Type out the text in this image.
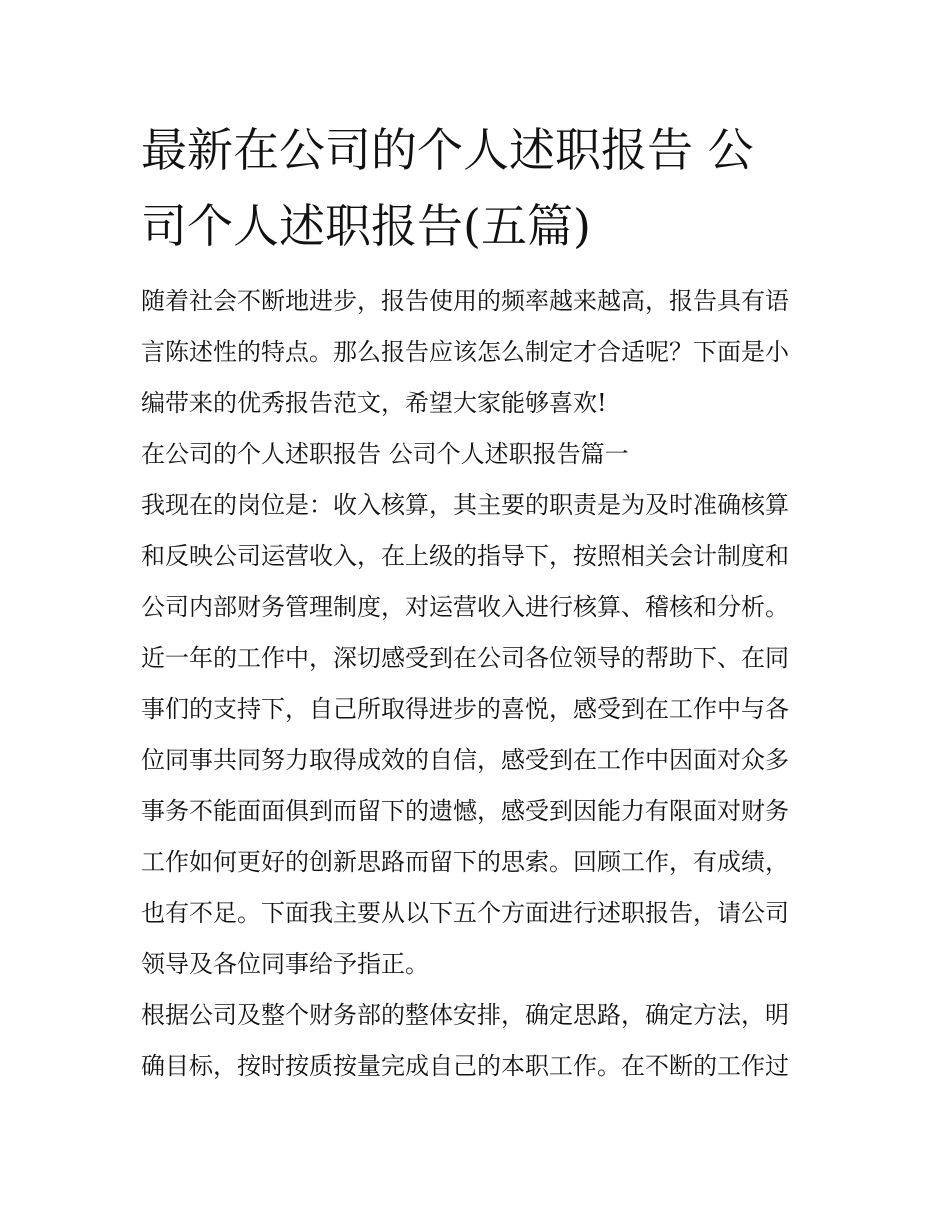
最新在公司的个人述职报告 公
司个人述职报告(五篇)

随着社会不断地进步，报告使用的频率越来越高，报告具有语
言陈述性的特点。那么报告应该怎么制定才合适呢？下面是小
编带来的优秀报告范文，希望大家能够喜欢!

在公司的个人述职报告 公司个人述职报告篇一

我现在的岗位是：收入核算，其主要的职责是为及时准确核算
和反映公司运营收入，在上级的指导下，按照相关会计制度和
公司内部财务管理制度，对运营收入进行核算、稽核和分析。

近一年的工作中，深切感受到在公司各位领导的帮助下、在同
事们的支持下，自己所取得进步的喜悦，感受到在工作中与各
位同事共同努力取得成效的自信，感受到在工作中因面对众多
事务不能面面俱到而留下的遗憾，感受到因能力有限面对财务
工作如何更好的创新思路而留下的思索。回顾工作，有成绩，
也有不足。下面我主要从以下五个方面进行述职报告，请公司
领导及各位同事给予指正。

根据公司及整个财务部的整体安排，确定思路，确定方法，明
确目标，按时按质按量完成自己的本职工作。在不断的工作过
